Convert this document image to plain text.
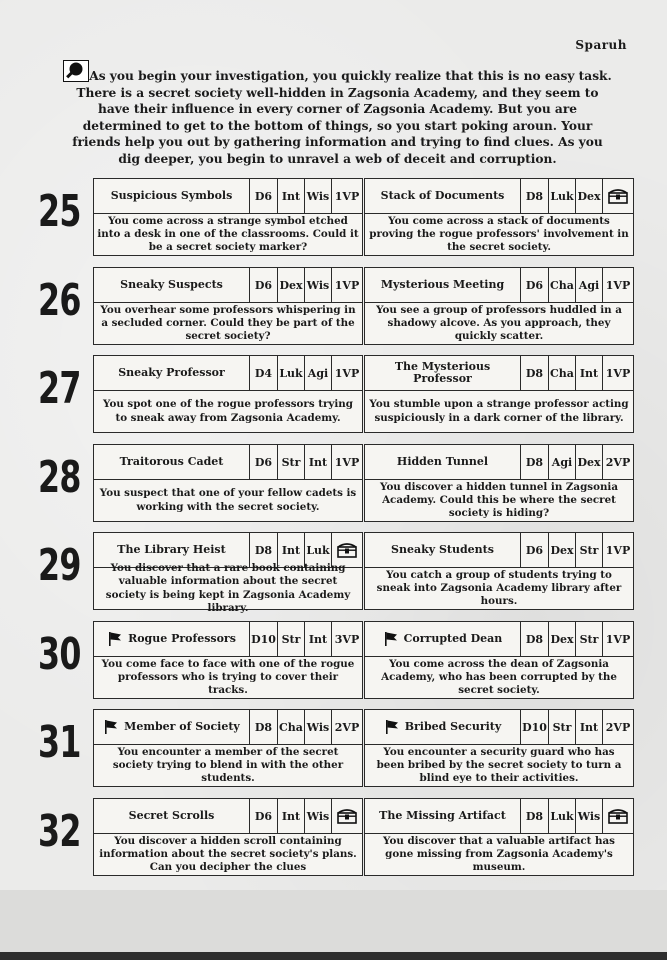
Sparuh
As you begin your investigation, you quickly realize that this is no easy task. There is a secret society well-hidden in Zagsonia Academy, and they seem to have their influence in every corner of Zagsonia Academy. But you are determined to get to the bottom of things, so you start poking aroun. Your friends help you out by gathering information and trying to find clues. As you dig deeper, you begin to unravel a web of deceit and corruption.
25	Suspicious Symbols	D6 Int Wis 1VP
You come across a strange symbol etched into a desk in one of the classrooms. Could it be a secret society marker?
Stack of Documents	D8 Luk Dex
You come across a stack of documents proving the rogue professors' involvement in the secret society.
26	Sneaky Suspects	D6 Dex Wis 1VP
You overhear some professors whispering in a secluded corner. Could they be part of the secret society?
Mysterious Meeting	D6 Cha Agi 1VP
You see a group of professors huddled in a shadowy alcove. As you approach, they quickly scatter.
27	Sneaky Professor	D4 Luk Agi 1VP
You spot one of the rogue professors trying to sneak away from Zagsonia Academy.
The Mysterious Professor	D8 Cha Int 1VP
You stumble upon a strange professor acting suspiciously in a dark corner of the library.
28	Traitorous Cadet	D6 Str Int 1VP
You suspect that one of your fellow cadets is working with the secret society.
Hidden Tunnel	D8 Agi Dex 2VP
You discover a hidden tunnel in Zagsonia Academy. Could this be where the secret society is hiding?
29	The Library Heist	D8 Int Luk
You discover that a rare book containing valuable information about the secret society is being kept in Zagsonia Academy library.
Sneaky Students	D6 Dex Str 1VP
You catch a group of students trying to sneak into Zagsonia Academy library after hours.
30	Rogue Professors D10 Str Int 3VP
You come face to face with one of the rogue professors who is trying to cover their tracks.
Corrupted Dean	D8 Dex Str 1VP
You come across the dean of Zagsonia Academy, who has been corrupted by the secret society.
31	Member of Society	D8 Cha Wis 2VP
You encounter a member of the secret society trying to blend in with the other students.
Bribed Security D10 Str Int 2VP
You encounter a security guard who has been bribed by the secret society to turn a blind eye to their activities.
32	Secret Scrolls	D6 Int Wis
You discover a hidden scroll containing information about the secret society's plans. Can you decipher the clues
The Missing Artifact	D8 Luk Wis
You discover that a valuable artifact has gone missing from Zagsonia Academy's museum.
